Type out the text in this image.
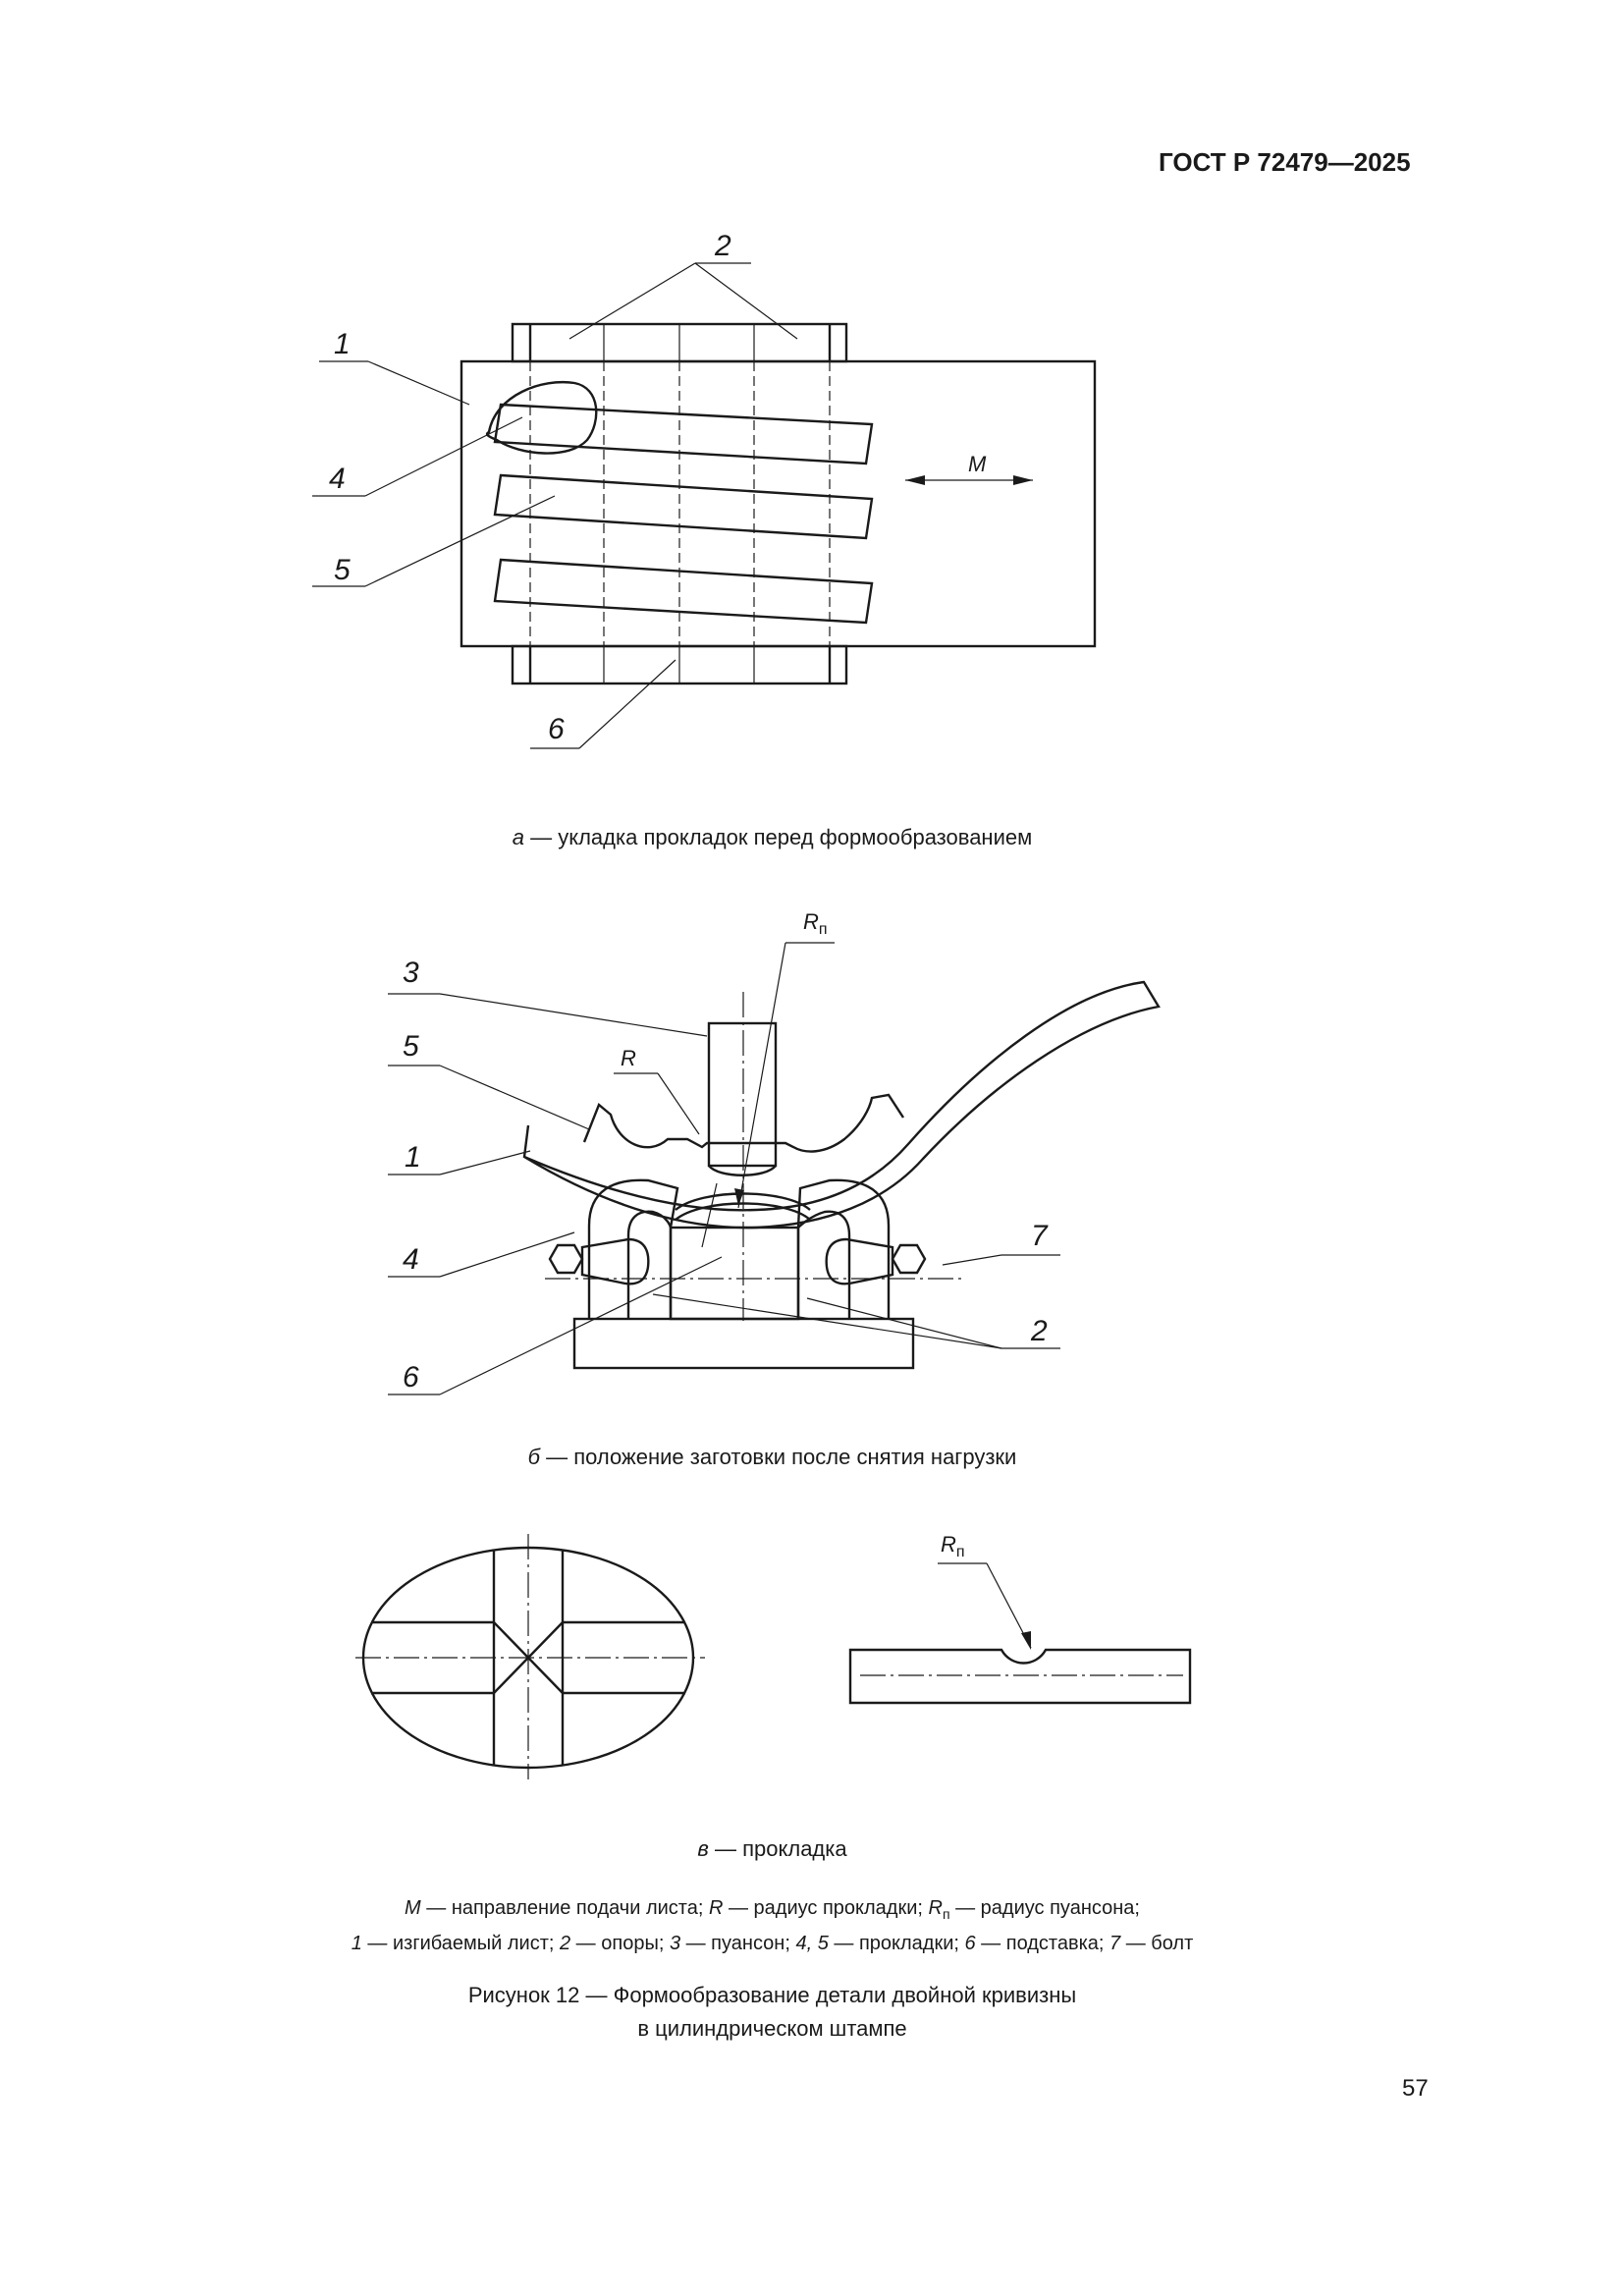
ГОСТ Р 72479—2025
2
1
4
5
6
M
3
5
1
4
6
7
2
R
$R_п$
$R_п$
а — укладка прокладок перед формообразованием
б — положение заготовки после снятия нагрузки
в — прокладка
M — направление подачи листа; R — радиус прокладки; $R_п$ — радиус пуансона;
1 — изгибаемый лист; 2 — опоры; 3 — пуансон; 4, 5 — прокладки; 6 — подставка; 7 — болт
Рисунок 12 — Формообразование детали двойной кривизны
в цилиндрическом штампе
57
